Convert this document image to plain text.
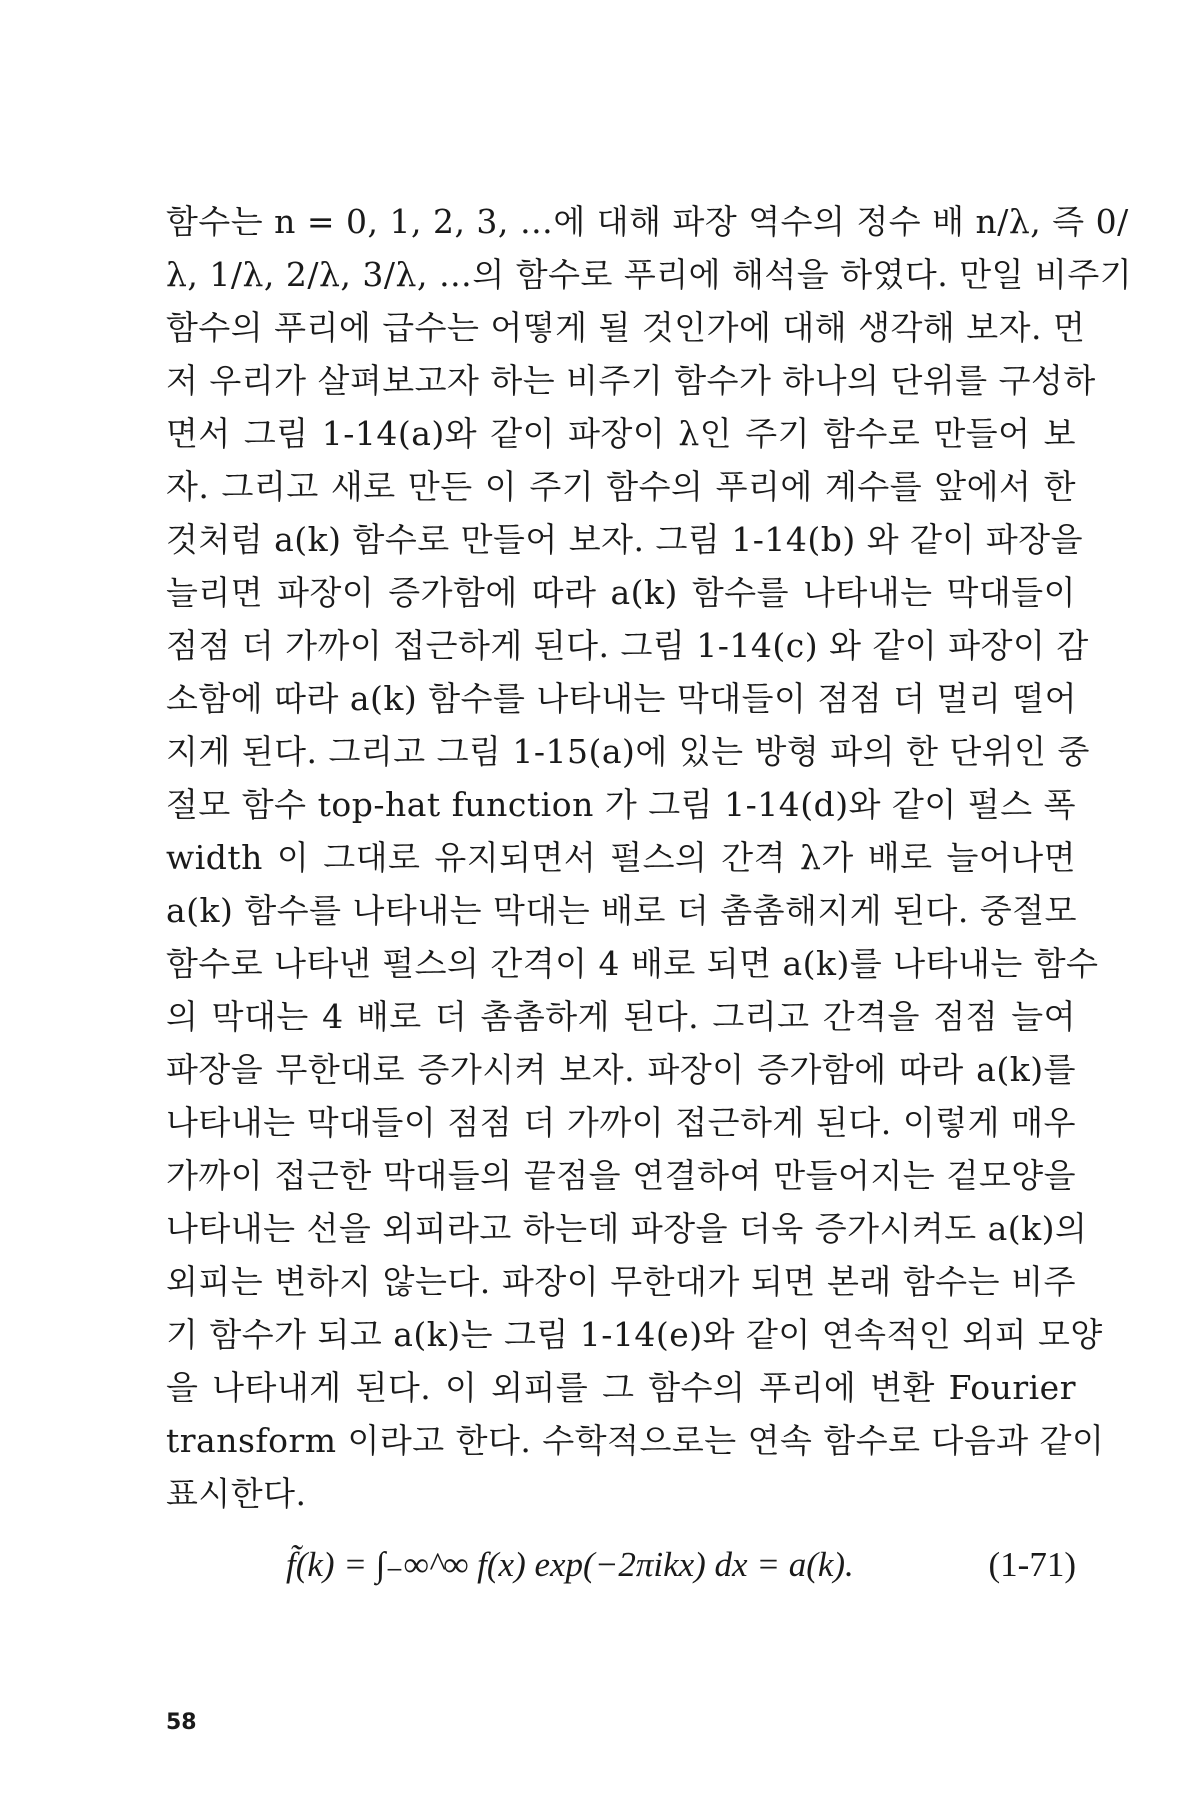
함수는 n = 0, 1, 2, 3, …에 대해 파장 역수의 정수 배 n/λ, 즉 0/
λ, 1/λ, 2/λ, 3/λ, …의 함수로 푸리에 해석을 하였다. 만일 비주기
함수의 푸리에 급수는 어떻게 될 것인가에 대해 생각해 보자. 먼
저 우리가 살펴보고자 하는 비주기 함수가 하나의 단위를 구성하
면서 그림 1-14(a)와 같이 파장이 λ인 주기 함수로 만들어 보
자. 그리고 새로 만든 이 주기 함수의 푸리에 계수를 앞에서 한
것처럼 a(k) 함수로 만들어 보자. 그림 1-14(b) 와 같이 파장을
늘리면 파장이 증가함에 따라 a(k) 함수를 나타내는 막대들이
점점 더 가까이 접근하게 된다. 그림 1-14(c) 와 같이 파장이 감
소함에 따라 a(k) 함수를 나타내는 막대들이 점점 더 멀리 떨어
지게 된다. 그리고 그림 1-15(a)에 있는 방형 파의 한 단위인 중
절모 함수 top-hat function 가 그림 1-14(d)와 같이 펄스 폭
width 이 그대로 유지되면서 펄스의 간격 λ가 배로 늘어나면
a(k) 함수를 나타내는 막대는 배로 더 촘촘해지게 된다. 중절모
함수로 나타낸 펄스의 간격이 4 배로 되면 a(k)를 나타내는 함수
의 막대는 4 배로 더 촘촘하게 된다. 그리고 간격을 점점 늘여
파장을 무한대로 증가시켜 보자. 파장이 증가함에 따라 a(k)를
나타내는 막대들이 점점 더 가까이 접근하게 된다. 이렇게 매우
가까이 접근한 막대들의 끝점을 연결하여 만들어지는 겉모양을
나타내는 선을 외피라고 하는데 파장을 더욱 증가시켜도 a(k)의
외피는 변하지 않는다. 파장이 무한대가 되면 본래 함수는 비주
기 함수가 되고 a(k)는 그림 1-14(e)와 같이 연속적인 외피 모양
을 나타내게 된다. 이 외피를 그 함수의 푸리에 변환 Fourier
transform 이라고 한다. 수학적으로는 연속 함수로 다음과 같이
표시한다.
f̃(k) = ∫₋∞^∞ f(x) exp(−2πikx) dx = a(k).	(1-71)
58
